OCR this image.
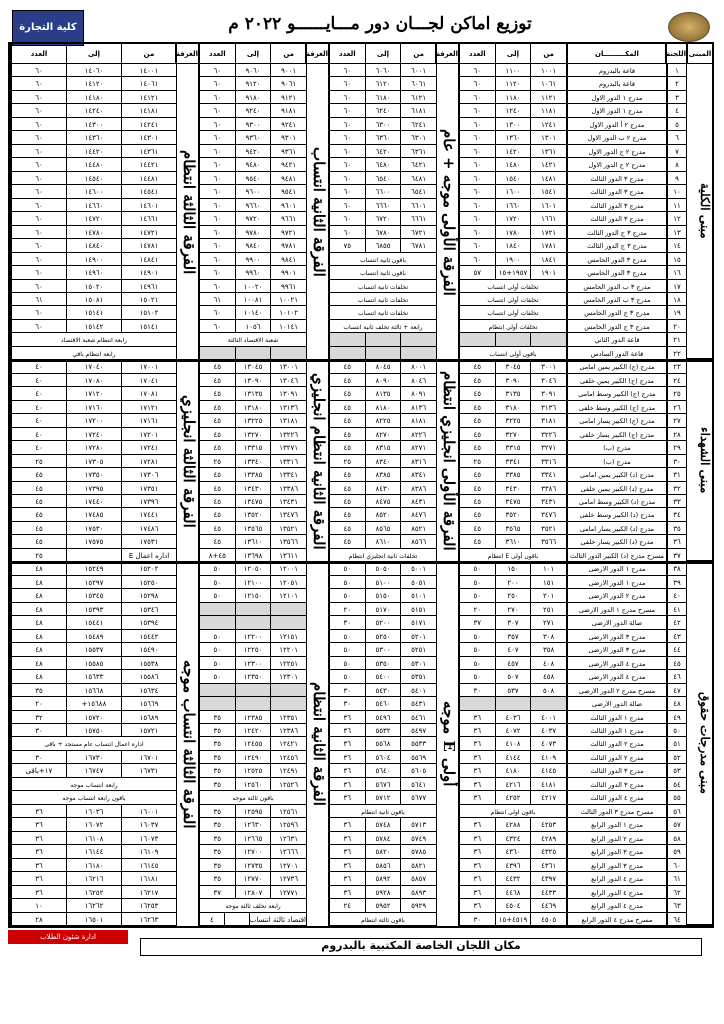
كلية التجارة	توزيع اماكن لجـــان دور مـــايــــــو ٢٠٢٢ م
المبنى
مبنى الكلية
مبنى الشهداء
مبنى مدرجات حقوق
اللجنة
١
٢
٣
٤
٥
٦
٧
٨
٩
١٠
١١
١٢
١٣
١٤
١٥
١٦
١٧
١٨
١٩
٢٠
٢١
٢٢
٢٣
٢٤
٢٥
٢٦
٢٧
٢٨
٢٩
٣٠
٣١
٣٢
٣٣
٣٤
٣٥
٣٦
٣٧
٣٨
٣٩
٤٠
٤١
٤٢
٤٣
٤٤
٤٥
٤٦
٤٧
٤٨
٤٩
٥٠
٥١
٥٢
٥٣
٥٤
٥٥
٥٦
٥٧
٥٨
٥٩
٦٠
٦١
٦٢
٦٣
٦٤
المكـــــــــان
قاعة بالبدروم
قاعة بالبدروم
مدرج ١ الدور الاول
مدرج ١ الدور الاول
مدرج ٢ أ الدور الاول
مدرج ٢ ب الدور الاول
مدرج ٢ ج الدور الاول
مدرج ٢ ج الدور الاول
مدرج ٣ الدور الثالث
مدرج ٣ الدور الثالث
مدرج ٣ الدور الثالث
مدرج ٣ الدور الثالث
مدرج ٣ ج الدور الثالث
مدرج ٣ ج الدور الثالث
مدرج ٣ الدور الخامس
مدرج ٣ الدور الخامس
مدرج ٣ ب الدور الخامس
مدرج ٣ ب الدور الخامس
مدرج ٣ ج الدور الخامس
مدرج ٣ ج الدور الخامس
قاعة الدور الثاني
قاعة الدور السادس
مدرج (ج) الكبير يمين امامى
مدرج (ج) الكبير يمين خلفى
مدرج (ج) الكبير وسط امامى
مدرج (ج) الكبير وسط خلفى
مدرج (ج) الكبير يسار امامى
مدرج (ج) الكبير يسار خلفى
مدرج (ب)
مدرج (ب)
مدرج (د) الكبير يمين امامى
مدرج (د) الكبير يمين خلفى
مدرج (د) الكبير وسط امامى
مدرج (د) الكبير وسط خلفى
مدرج (د) الكبير يسار امامى
مدرج (د) الكبير يسار خلفى
مسرح مدرج (د) الكبير الدور الثالث
مدرج ١ الدور الارضى
مدرج ١ الدور الارضى
مدرج ٢ الدور الارضى
مسرح مدرج ١ الدور الارضى
صالة الدور الارضى
مدرج ٣ الدور الارضى
مدرج ٣ الدور الارضى
مدرج ٤ الدور الارضى
مدرج ٤ الدور الارضى
مسرح مدرج ٢ الدور الارضى
صالة الدور الارضى
مدرج ١ الدور الثالث
مدرج ١ الدور الثالث
مدرج ٢ الدور الثالث
مدرج ٢ الدور الثالث
مدرج ٣ الدور الثالث
مدرج ٣ الدور الثالث
مدرج ٤ الدور الثالث
مسرح مدرج ٣ الدور الثالث
مدرج ١ الدور الرابع
مدرج ٢ الدور الرابع
مدرج ٣ الدور الرابع
مدرج ٣ الدور الرابع
مدرج ٤ الدور الرابع
مدرج ٤ الدور الرابع
مدرج ٤ الدور الرابع
مسرح مدرج ٤ الدور الرابع
من
إلى
العدد
١٠٠١
١١٠٠
٦٠
١٠٦١
١١٢٠
٦٠
١١٢١
١١٨٠
٦٠
١١٨١
١٢٤٠
٦٠
١٢٤١
١٣٠٠
٦٠
١٣٠١
١٣٦٠
٦٠
١٣٦١
١٤٢٠
٦٠
١٤٢١
١٤٨٠
٦٠
١٤٨١
١٥٤٠
٦٠
١٥٤١
١٦٠٠
٦٠
١٦٠١
١٦٦٠
٦٠
١٦٦١
١٧٢٠
٦٠
١٧٢١
١٧٨٠
٦٠
١٧٨١
١٨٤٠
٦٠
١٨٤١
١٩٠٠
٦٠
١٩٠١
١٩٥٧+١٥
٥٧
تخلفات أولى انتساب
تخلفات أولى انتساب
تخلفات أولى انتساب
تخلفات أولى انتظام
باقون أولى انتساب
٣٠٠١
٣٠٤٥
٤٥
٣٠٤٦
٣٠٩٠
٤٥
٣٠٩١
٣١٣٥
٤٥
٣١٣٦
٣١٨٠
٤٥
٣١٨١
٣٢٢٥
٤٥
٣٢٢٦
٣٢٧٠
٤٥
٣٢٧١
٣٣١٥
٤٥
٣٣١٦
٣٣٤١
٢٥
٣٣٤١
٣٣٨٥
٤٥
٣٣٨٦
٣٤٣٠
٤٥
٣٤٣١
٣٤٧٥
٤٥
٣٤٧٦
٣٥٢٠
٤٥
٣٥٢١
٣٥٦٥
٤٥
٣٥٦٦
٣٦١٠
٤٥
باقون أولى E انتظام
١٠١
١٥٠
٥٠
١٥١
٢٠٠
٥٠
٢٠١
٢٥٠
٥٠
٢٥١
٢٧٠
٢٠
٢٧١
٣٠٧
٣٧
٣٠٨
٣٥٧
٥٠
٣٥٨
٤٠٧
٥٠
٤٠٨
٤٥٧
٥٠
٤٥٨
٥٠٧
٥٠
٥٠٨
٥٣٧
٣٠
٤٠٠١
٤٠٣٦
٣٦
٤٠٣٧
٤٠٧٢
٣٦
٤٠٧٣
٤١٠٨
٣٦
٤١٠٩
٤١٤٤
٣٦
٤١٤٥
٤١٨٠
٣٦
٤١٨١
٤٢١٦
٣٦
٤٢١٧
٤٢٥٢
٣٦
باقون اولى انتظام
٤٢٥٣
٤٢٨٨
٣٦
٤٢٨٩
٤٣٢٤
٣٦
٤٣٢٥
٤٣٦٠
٣٦
٤٣٦١
٤٣٩٦
٣٦
٤٣٩٧
٤٤٣٢
٣٦
٤٤٣٣
٤٤٦٨
٣٦
٤٤٦٩
٤٥٠٤
٣٦
٤٥٠٥
٤٥١٩+١٥
٣٠
الغرفة
الفرقة الأولى موجه + عام
الفرقة الأولى انجليزي انتظام
أولى E موجه
من
إلى
العدد
٦٠٠١
٦٠٦٠
٦٠
٦٠٦١
٦١٢٠
٦٠
٦١٢١
٦١٨٠
٦٠
٦١٨١
٦٢٤٠
٦٠
٦٢٤١
٦٣٠٠
٦٠
٦٣٠١
٦٣٦٠
٦٠
٦٣٦١
٦٤٢٠
٦٠
٦٤٢١
٦٤٨٠
٦٠
٦٤٨١
٦٥٤٠
٦٠
٦٥٤١
٦٦٠٠
٦٠
٦٦٠١
٦٦٦٠
٦٠
٦٦٦١
٦٧٢٠
٦٠
٦٧٢١
٦٧٨٠
٦٠
٦٧٨١
٦٨٥٥
٧٥
باقون ثانية انتساب
باقون ثانية انتساب
تخلفات ثانية انتساب
تخلفات ثانية انتساب
تخلفات ثانية انتساب
رابعة + ثالثة تخلف ثانية انتساب
٨٠٠١
٨٠٤٥
٤٥
٨٠٤٦
٨٠٩٠
٤٥
٨٠٩١
٨١٣٥
٤٥
٨١٣٦
٨١٨٠
٤٥
٨١٨١
٨٢٢٥
٤٥
٨٢٢٦
٨٢٧٠
٤٥
٨٢٧١
٨٣١٥
٤٥
٨٣١٦
٨٣٤٠
٢٥
٨٣٤١
٨٣٨٥
٤٥
٨٣٨٦
٨٤٣٠
٤٥
٨٤٣١
٨٤٧٥
٤٥
٨٤٧٦
٨٥٢٠
٤٥
٨٥٢١
٨٥٦٥
٤٥
٨٥٦٦
٨٦١٠
٤٥
تخلفات ثانية انجليزي انتظام
٥٠٠١
٥٠٥٠
٥٠
٥٠٥١
٥١٠٠
٥٠
٥١٠١
٥١٥٠
٥٠
٥١٥١
٥١٧٠
٢٠
٥١٧١
٥٢٠٠
٣٠
٥٢٠١
٥٢٥٠
٥٠
٥٢٥١
٥٣٠٠
٥٠
٥٣٠١
٥٣٥٠
٥٠
٥٣٥١
٥٤٠٠
٥٠
٥٤٠١
٥٤٣٠
٣٠
٥٤٣١
٥٤٦٠
٣٠
٥٤٦١
٥٤٩٦
٣٦
٥٤٩٧
٥٥٣٢
٣٦
٥٥٣٣
٥٥٦٨
٣٦
٥٥٦٩
٥٦٠٤
٣٦
٥٦٠٥
٥٦٤٠
٣٦
٥٦٤١
٥٦٧٦
٣٦
٥٦٧٧
٥٧١٢
٣٦
باقون ثانية انتظام
٥٧١٣
٥٧٤٨
٣٦
٥٧٤٩
٥٧٨٤
٣٦
٥٧٨٥
٥٨٢٠
٣٦
٥٨٢١
٥٨٥٦
٣٦
٥٨٥٧
٥٨٩٢
٣٦
٥٨٩٣
٥٩٢٨
٣٦
٥٩٢٩
٥٩٥٢
٢٤
باقون ثالثة انتظام
الغرفة
الفرقة الثانية انتساب
الفرقة الثانية انتظام انجليزي
الفرقة الثانية انتظام
من
إلى
العدد
٩٠٠١
٩٠٦٠
٦٠
٩٠٦١
٩١٢٠
٦٠
٩١٢١
٩١٨٠
٦٠
٩١٨١
٩٢٤٠
٦٠
٩٢٤١
٩٣٠٠
٦٠
٩٣٠١
٩٣٦٠
٦٠
٩٣٦١
٩٤٢٠
٦٠
٩٤٢١
٩٤٨٠
٦٠
٩٤٨١
٩٥٤٠
٦٠
٩٥٤١
٩٦٠٠
٦٠
٩٦٠١
٩٦٦٠
٦٠
٩٦٦١
٩٧٢٠
٦٠
٩٧٢١
٩٧٨٠
٦٠
٩٧٨١
٩٨٤٠
٦٠
٩٨٤١
٩٩٠٠
٦٠
٩٩٠١
٩٩٦٠
٦٠
٩٩٦١
١٠٠٢٠
٦٠
١٠٠٢١
١٠٠٨١
٦١
١٠١٠٢
١٠١٤٠
٦٠
١٠١٤١
١٠٥٦
٦٠
شعبة الاقتصاد الثالثة
١٣٠٠١
١٣٠٤٥
٤٥
١٣٠٤٦
١٣٠٩٠
٤٥
١٣٠٩١
١٣١٣٥
٤٥
١٣١٣٦
١٣١٨٠
٤٥
١٣١٨١
١٣٢٢٥
٤٥
١٣٢٢٦
١٣٢٧٠
٤٥
١٣٢٧١
١٣٣١٥
٤٥
١٣٣١٦
١٣٣٤٠
٢٥
١٣٣٤١
١٣٣٨٥
٤٥
١٣٣٨٦
١٣٤٣٠
٤٥
١٣٤٣١
١٣٤٧٥
٤٥
١٣٤٧٦
١٣٥٢٠
٤٥
١٣٥٢١
١٣٥٦٥
٤٥
١٣٥٦٦
١٣٦١٠
٤٥
١٣٦١١
١٣٦٩٨
٤٥+٨
١٢٠٠١
١٢٠٥٠
٥٠
١٢٠٥١
١٢١٠٠
٥٠
١٢١٠١
١٢١٥٠
٥٠
١٢١٥١
١٢٢٠٠
٥٠
١٢٢٠١
١٢٢٥٠
٥٠
١٢٢٥١
١٢٣٠٠
٥٠
١٢٣٠١
١٢٣٥٠
٥٠
١٢٣٥١
١٢٣٨٥
٣٥
١٢٣٨٦
١٢٤٢٠
٣٥
١٢٤٢١
١٢٤٥٥
٣٥
١٢٤٥٦
١٢٤٩٠
٣٥
١٢٤٩١
١٢٥٢٥
٣٥
١٢٥٢٦
١٢٥٦٠
٣٥
باقون ثالثة موجه
١٢٥٦١
١٢٥٩٥
٣٥
١٢٥٩٦
١٢٦٣٠
٣٥
١٢٦٣١
١٢٦٦٥
٣٥
١٢٦٦٦
١٢٧٠٠
٣٥
١٢٧٠١
١٢٧٣٥
٣٥
١٢٧٣٦
١٢٧٧٠
٣٥
١٢٧٧١
١٢٨٠٧
٣٧
رابعة تخلف ثالثة موجه
اقتصاد ثالثة انتساب
٤
الغرفة
الفرقة الثالثة انتظام
الفرقة الثالثة انجليزي
الفرقة الثالثة انتساب موجه
من
إلى
العدد
١٤٠٠١
١٤٠٦٠
٦٠
١٤٠٦١
١٤١٢٠
٦٠
١٤١٢١
١٤١٨٠
٦٠
١٤١٨١
١٤٢٤٠
٦٠
١٤٢٤١
١٤٣٠٠
٦٠
١٤٣٠١
١٤٣٦٠
٦٠
١٤٣٦١
١٤٤٢٠
٦٠
١٤٤٢١
١٤٤٨٠
٦٠
١٤٤٨١
١٤٥٤٠
٦٠
١٤٥٤١
١٤٦٠٠
٦٠
١٤٦٠١
١٤٦٦٠
٦٠
١٤٦٦١
١٤٧٢٠
٦٠
١٤٧٢١
١٤٧٨٠
٦٠
١٤٧٨١
١٤٨٤٠
٦٠
١٤٨٤١
١٤٩٠٠
٦٠
١٤٩٠١
١٤٩٦٠
٦٠
١٤٩٦١
١٥٠٢٠
٦٠
١٥٠٢١
١٥٠٨١
٦١
١٥١٠٢
١٥١٤١
٦٠
١٥١٤١
١٥١٤٢
٦٠
رابعة انتظام شعبة الاقتصاد
رابعة انتظام باقي
١٧٠٠١
١٧٠٤٠
٤٠
١٧٠٤١
١٧٠٨٠
٤٠
١٧٠٨١
١٧١٢٠
٤٠
١٧١٢١
١٧١٦٠
٤٠
١٧١٦١
١٧٢٠٠
٤٠
١٧٢٠١
١٧٢٤٠
٤٠
١٧٢٤١
١٧٢٨٠
٤٠
١٧٢٨١
١٧٣٠٥
٢٥
١٧٣٠٦
١٧٣٥٠
٤٥
١٧٣٥١
١٧٣٩٥
٤٥
١٧٣٩٦
١٧٤٤٠
٤٥
١٧٤٤١
١٧٤٨٥
٤٥
١٧٤٨٦
١٧٥٣٠
٤٥
١٧٥٣١
١٧٥٧٥
٤٥
اداره اعمال E
٢٥
١٥٢٠٢
١٥٢٤٩
٤٨
١٥٢٥٠
١٥٢٩٧
٤٨
١٥٢٩٨
١٥٣٤٥
٤٨
١٥٣٤٦
١٥٣٩٣
٤٨
١٥٣٩٤
١٥٤٤١
٤٨
١٥٤٤٢
١٥٤٨٩
٤٨
١٥٤٩٠
١٥٥٣٧
٤٨
١٥٥٣٨
١٥٥٨٥
٤٨
١٥٥٨٦
١٥٦٣٣
٤٨
١٥٦٣٤
١٥٦٦٨
٣٥
١٥٦٦٩
١٥٦٨٨+
٢٠
١٥٦٨٩
١٥٧٢٠
٣٢
١٥٧٢١
١٥٧٥٠
٣٠
اداره اعمال انتساب عام مستجد + باقى
١٦٧٠١
١٦٧٣٠
٣٠
١٦٧٣١
١٦٧٤٧
١٧+باقى
رابعة انتساب موجه
باقون رابعة انتساب موجه
١٦٠٠١
١٦٠٣٦
٣٦
١٦٠٣٧
١٦٠٧٢
٣٦
١٦٠٧٣
١٦١٠٨
٣٦
١٦١٠٩
١٦١٤٤
٣٦
١٦١٤٥
١٦١٨٠
٣٦
١٦١٨١
١٦٢١٦
٣٦
١٦٢١٧
١٦٢٥٢
٣٦
١٦٢٥٣
١٦٢٦٢
١٠
١٦٢٦٣
١٦٥٠١
٢٨
مكان اللجان الخاصة المكتبية بالبدروم
ادارة شئون الطلاب
